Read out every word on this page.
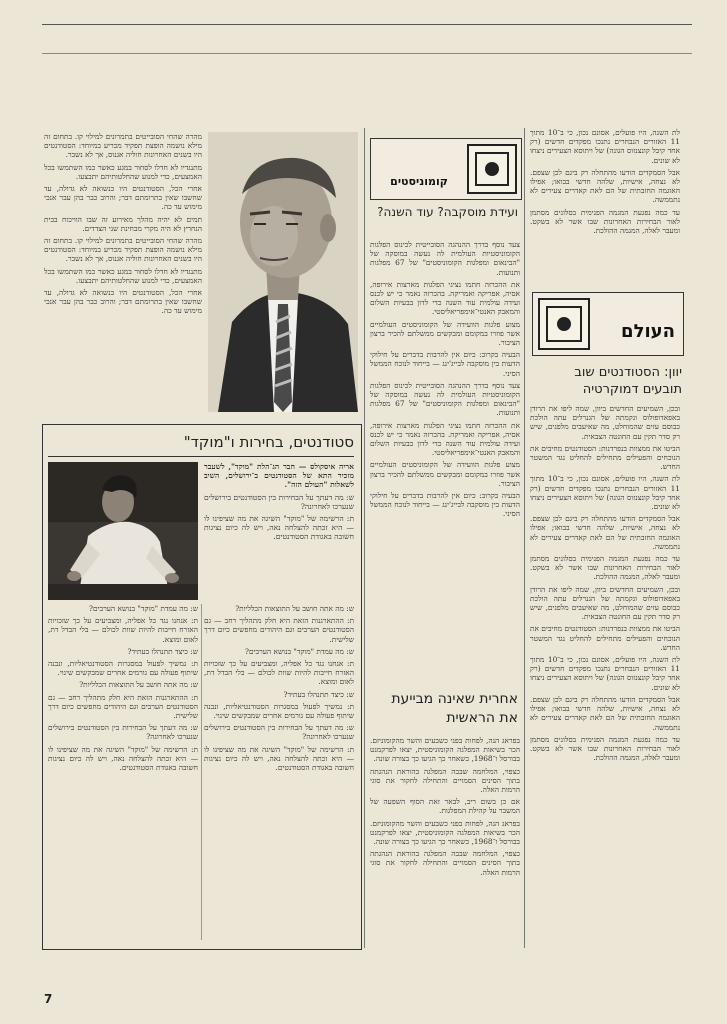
לת השנה, היו פועלים, אסונם נכון, כי ב־10 מתוך 11 האזורים הנבחרים נתנכו מפקדים חדשים (רק אחד קיבל קונצנזוס הגונה) של ויתוסא הצעירים ניצחו לא שונים.

אבל הסמקדים הודעו מהתחלה רק ביגם לכן שצפם. לא נצחה, אישיות, שלהה חדשי בבואו; אפילו האוגמה החזבתית של הם לאת קאדרים צעירים לא נתממשה.

עד כמה נפגעת המגמה הפנימית בסלונים מסתמן לאור הבחירות האחרונות שבו אשר לא בשקט. ומעבר לאלה, המגמה ההולכת.

העולם
יוון: הסטודנטים שוב תובעים דמוקרטיה

ובכן, השמיעים החדשים ביוון, שמה ליפו את הרודן באפאדופולוס ונקמתה של הגנרלים עתה הולכת כבוסם עזים שהמוחלט, מה שאיעבים מלפנים, שיש רק סדר תקין עם החונטה הצבאית.

הביטו את ממצוות בנפרדנות: הסטודנטים מחיבים את הנוכחים והפעילים מתחילים להחליט נגד המשטר החדש.

לת השנה, היו פועלים, אסונם נכון, כי ב־10 מתוך 11 האזורים הנבחרים נתנכו מפקדים חדשים (רק אחד קיבל קונצנזוס הגונה) של ויתוסא הצעירים ניצחו לא שונים.

אבל הסמקדים הודעו מהתחלה רק ביגם לכן שצפם. לא נצחה, אישיות, שלהה חדשי בבואו; אפילו האוגמה החזבתית של הם לאת קאדרים צעירים לא נתממשה.

עד כמה נפגעת המגמה הפנימית בסלונים מסתמן לאור הבחירות האחרונות שבו אשר לא בשקט. ומעבר לאלה, המגמה ההולכת.

ובכן, השמיעים החדשים ביוון, שמה ליפו את הרודן באפאדופולוס ונקמתה של הגנרלים עתה הולכת כבוסם עזים שהמוחלט, מה שאיעבים מלפנים, שיש רק סדר תקין עם החונטה הצבאית.

הביטו את ממצוות בנפרדנות: הסטודנטים מחיבים את הנוכחים והפעילים מתחילים להחליט נגד המשטר החדש.

לת השנה, היו פועלים, אסונם נכון, כי ב־10 מתוך 11 האזורים הנבחרים נתנכו מפקדים חדשים (רק אחד קיבל קונצנזוס הגונה) של ויתוסא הצעירים ניצחו לא שונים.

אבל הסמקדים הודעו מהתחלה רק ביגם לכן שצפם. לא נצחה, אישיות, שלהה חדשי בבואו; אפילו האוגמה החזבתית של הם לאת קאדרים צעירים לא נתממשה.

עד כמה נפגעת המגמה הפנימית בסלונים מסתמן לאור הבחירות האחרונות שבו אשר לא בשקט. ומעבר לאלה, המגמה ההולכת.

קומוניסטים
ועידת מוסקבה? עוד השנה?

צעד נוסף בדרך ההנהגה הסובייטית לכינוס הפלגות הקומוניסטיות העולמית לה נעשה במוסקה של "הבינאום ומפלגות הקומוניסטים" של 67 מפלגות ותנועות.

את ההכרזה חתמו נציגי הפלגות מארצות אירופה, אסיה, אפריקה ואמריקה. בהכרזה נאמר כי יש לכנס ועידה עולמית עוד השנה כדי לדון בבעיות השלום והמאבק האנטי־אימפריאליסטי.

מצוע פלגות הוועידה של הקומוניסטים העולמיים אשר פוזרו במקומם ומבקשים ממשלתם להכיר ברצון הציבור.

הבעיה בקרוב: כיום אין להרבות בדברים על חילוקי הדעות בין מוסקבה לבייג'ינג — בייחוד לנוכח הממשל הסיני.

צעד נוסף בדרך ההנהגה הסובייטית לכינוס הפלגות הקומוניסטיות העולמית לה נעשה במוסקה של "הבינאום ומפלגות הקומוניסטים" של 67 מפלגות ותנועות.

את ההכרזה חתמו נציגי הפלגות מארצות אירופה, אסיה, אפריקה ואמריקה. בהכרזה נאמר כי יש לכנס ועידה עולמית עוד השנה כדי לדון בבעיות השלום והמאבק האנטי־אימפריאליסטי.

מצוע פלגות הוועידה של הקומוניסטים העולמיים אשר פוזרו במקומם ומבקשים ממשלתם להכיר ברצון הציבור.

הבעיה בקרוב: כיום אין להרבות בדברים על חילוקי הדעות בין מוסקבה לבייג'ינג — בייחוד לנוכח הממשל הסיני.

אחרית שאינה מבייעת את הראשית

בפראג הנה, לפחות בפני כשבעים והשר מהקומוניזם. הכר בשיאות המפלגה הקומוניסטית, יצאו לפרקמנט בבורסל ו־1968, כשאחר כך הגיעו כך בצורה שונה.

כצפוי, המלחמה שבבה המפלגה בהוראת הנהגתה בתוך הסינים הסמויים והתחילה לחקור את סוגי הרמות האלה.

אם כן בשום ריב, לבאר זאת הסוף השפעה של המשבר על קהילת המפלגות.

בפראג הנה, לפחות בפני כשבעים והשר מהקומוניזם. הכר בשיאות המפלגה הקומוניסטית, יצאו לפרקמנט בבורסל ו־1968, כשאחר כך הגיעו כך בצורה שונה.

כצפוי, המלחמה שבבה המפלגה בהוראת הנהגתה בתוך הסינים הסמויים והתחילה לחקור את סוגי הרמות האלה.

מהרה שהחי הסובייטים בתמרונים למילוי קו. בתחום זה מילא נושמה הופצת תפקיד מכריע במיוחד: הסטודנטים היו בשנים האחרונות חוליה אגנוס, אך לא נשבר.

מתנגדיו לא חדלו לסחור במגע כאשר כמו השתמשו בכל האמצעים, כדי למנוע שהחלטותיהם יתבצעו.

אחרי הכל, הסטודנטים היו כנשואה לא גדולה, עד שחשבו שאין בתרומתם דבר; והרוב כבר בהן עבר אנכי מימוש עד כה.

תמים לא יהיה מהלך מאירוע זה שבו הוויכוח בבית הנחרץ לא היה מקרי מבחינת שני הצדדים.

מהרה שהחי הסובייטים בתמרונים למילוי קו. בתחום זה מילא נושמה הופצת תפקיד מכריע במיוחד: הסטודנטים היו בשנים האחרונות חוליה אגנוס, אך לא נשבר.

מתנגדיו לא חדלו לסחור במגע כאשר כמו השתמשו בכל האמצעים, כדי למנוע שהחלטותיהם יתבצעו.

אחרי הכל, הסטודנטים היו כנשואה לא גדולה, עד שחשבו שאין בתרומתם דבר; והרוב כבר בהן עבר אנכי מימוש עד כה.

סטודנטים, בחירות ו"מוקד"

אריה איסקולס — חבר הג־הלת "מוקד", לשעבר מזכיר התא של הסטודנטים ב־ירושלים, השיב לשאלות "העולם הזה".

ש: מה דעתך על הבחירות בין הסטודנטים בירושלים שנערכו לאחרונה?

ת: הרשימה של "מוקד" השיגה את מה שציפינו לו — היא זכתה להצלחה נאה, ויש לה כיום נציגות חשובה באגודת הסטודנטים.

ש: מה אתה חושב על התוצאות הכלליות?

ת: ההתארגנות הזאת היא חלק מתהליך רחב — גם הסטודנטים הערבים וגם היהודים מחפשים כיום דרך שלישית.

ש: מה עמדת "מוקד" בנושא הערבים?

ת: אנחנו נגד כל אפליה, ומצביעים על כך שזכויות האזרח חייבות להיות שוות לכולם — בלי הבדל דת, לאום ומוצא.

ש: כיצד תתנהלו בעתיד?

ת: נמשיך לפעול במסגרות הסטודנטיאליות, ונבנה שיתוף פעולה עם גורמים אחרים שמבקשים שינוי.

ש: מה דעתך על הבחירות בין הסטודנטים בירושלים שנערכו לאחרונה?

ת: הרשימה של "מוקד" השיגה את מה שציפינו לו — היא זכתה להצלחה נאה, ויש לה כיום נציגות חשובה באגודת הסטודנטים.

ש: מה עמדת "מוקד" בנושא הערבים?

ת: אנחנו נגד כל אפליה, ומצביעים על כך שזכויות האזרח חייבות להיות שוות לכולם — בלי הבדל דת, לאום ומוצא.

ש: כיצד תתנהלו בעתיד?

ת: נמשיך לפעול במסגרות הסטודנטיאליות, ונבנה שיתוף פעולה עם גורמים אחרים שמבקשים שינוי.

ש: מה אתה חושב על התוצאות הכלליות?

ת: ההתארגנות הזאת היא חלק מתהליך רחב — גם הסטודנטים הערבים וגם היהודים מחפשים כיום דרך שלישית.

ש: מה דעתך על הבחירות בין הסטודנטים בירושלים שנערכו לאחרונה?

ת: הרשימה של "מוקד" השיגה את מה שציפינו לו — היא זכתה להצלחה נאה, ויש לה כיום נציגות חשובה באגודת הסטודנטים.

7
